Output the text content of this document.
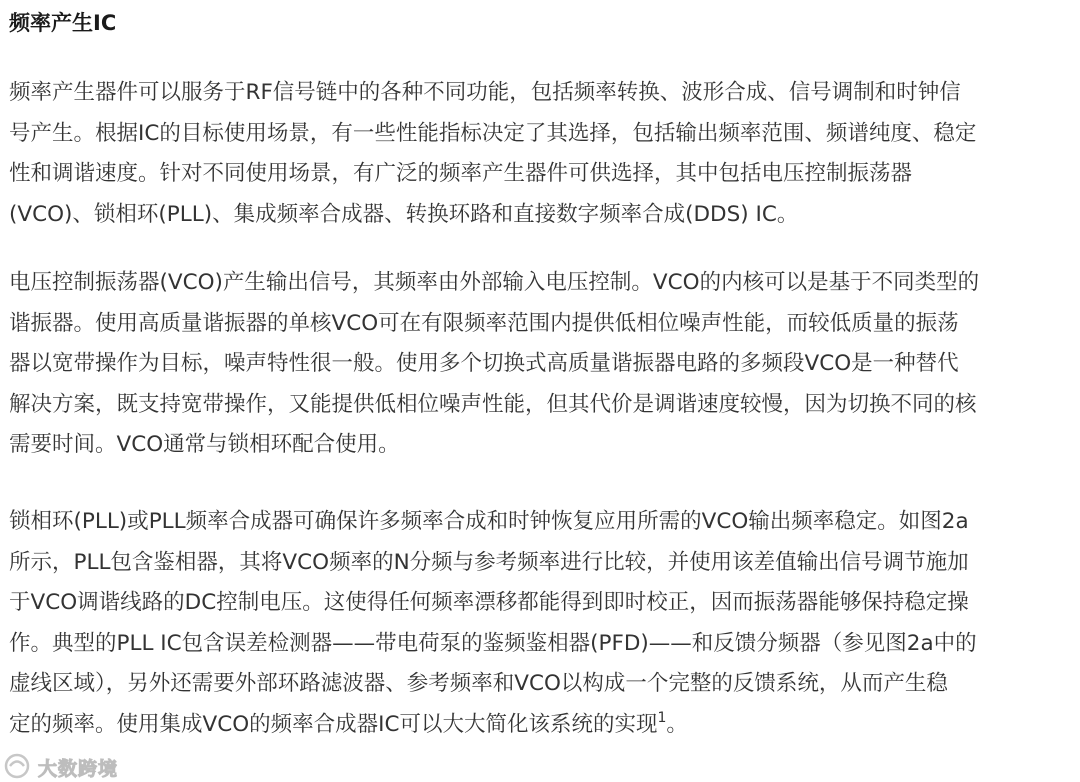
频率产生IC

频率产生器件可以服务于RF信号链中的各种不同功能，包括频率转换、波形合成、信号调制和时钟信
号产生。根据IC的目标使用场景，有一些性能指标决定了其选择，包括输出频率范围、频谱纯度、稳定
性和调谐速度。针对不同使用场景，有广泛的频率产生器件可供选择，其中包括电压控制振荡器
(VCO)、锁相环(PLL)、集成频率合成器、转换环路和直接数字频率合成(DDS) IC。

电压控制振荡器(VCO)产生输出信号，其频率由外部输入电压控制。VCO的内核可以是基于不同类型的
谐振器。使用高质量谐振器的单核VCO可在有限频率范围内提供低相位噪声性能，而较低质量的振荡
器以宽带操作为目标，噪声特性很一般。使用多个切换式高质量谐振器电路的多频段VCO是一种替代
解决方案，既支持宽带操作，又能提供低相位噪声性能，但其代价是调谐速度较慢，因为切换不同的核
需要时间。VCO通常与锁相环配合使用。

锁相环(PLL)或PLL频率合成器可确保许多频率合成和时钟恢复应用所需的VCO输出频率稳定。如图2a
所示，PLL包含鉴相器，其将VCO频率的N分频与参考频率进行比较，并使用该差值输出信号调节施加
于VCO调谐线路的DC控制电压。这使得任何频率漂移都能得到即时校正，因而振荡器能够保持稳定操
作。典型的PLL IC包含误差检测器——带电荷泵的鉴频鉴相器(PFD)——和反馈分频器（参见图2a中的
虚线区域），另外还需要外部环路滤波器、参考频率和VCO以构成一个完整的反馈系统，从而产生稳
定的频率。使用集成VCO的频率合成器IC可以大大简化该系统的实现$^1$。

大数跨境
